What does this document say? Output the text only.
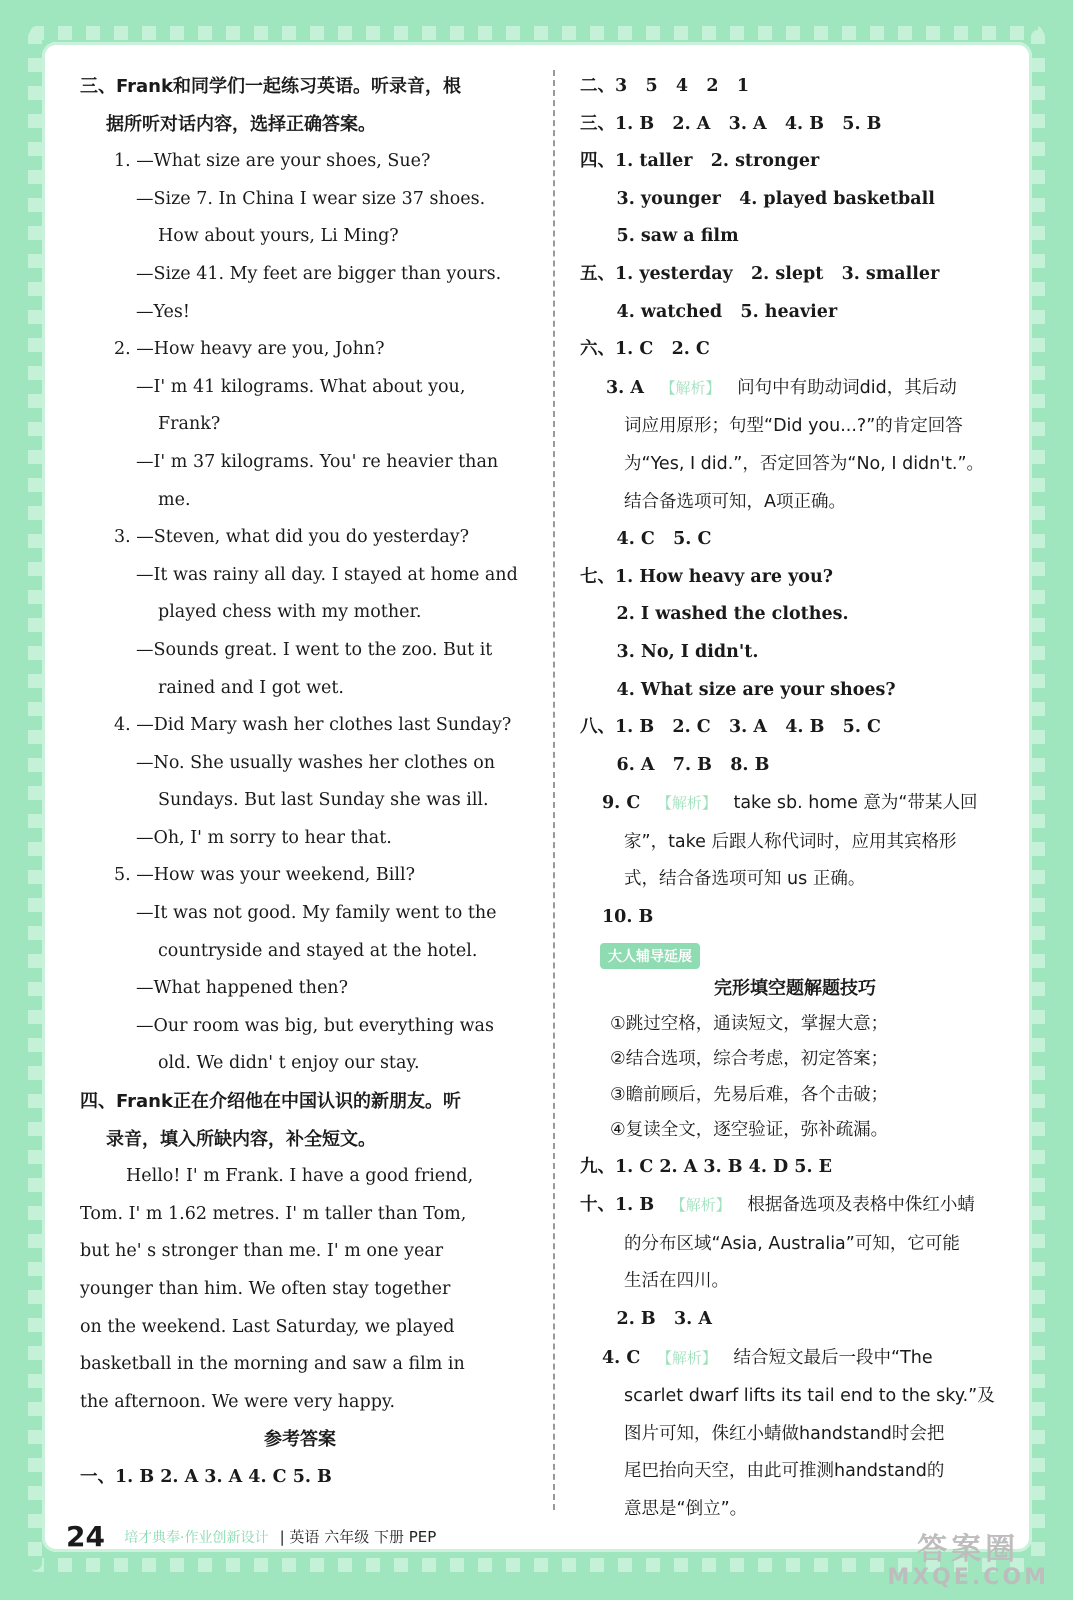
三、Frank和同学们一起练习英语。听录音，根
据所听对话内容，选择正确答案。
1. —What size are your shoes, Sue?
—Size 7. In China I wear size 37 shoes.
How about yours, Li Ming?
—Size 41. My feet are bigger than yours.
—Yes!
2. —How heavy are you, John?
—I' m 41 kilograms. What about you,
Frank?
—I' m 37 kilograms. You' re heavier than
me.
3. —Steven, what did you do yesterday?
—It was rainy all day. I stayed at home and
played chess with my mother.
—Sounds great. I went to the zoo. But it
rained and I got wet.
4. —Did Mary wash her clothes last Sunday?
—No. She usually washes her clothes on
Sundays. But last Sunday she was ill.
—Oh, I' m sorry to hear that.
5. —How was your weekend, Bill?
—It was not good. My family went to the
countryside and stayed at the hotel.
—What happened then?
—Our room was big, but everything was
old. We didn' t enjoy our stay.
四、Frank正在介绍他在中国认识的新朋友。听
录音，填入所缺内容，补全短文。
Hello! I' m Frank. I have a good friend,
Tom. I' m 1.62 metres. I' m taller than Tom,
but he' s stronger than me. I' m one year
younger than him. We often stay together
on the weekend. Last Saturday, we played
basketball in the morning and saw a film in
the afternoon. We were very happy.
参考答案
一、1. B 2. A 3. A 4. C 5. B
二、3   5   4   2   1
三、1. B   2. A   3. A   4. B   5. B
四、1. taller   2. stronger
3. younger   4. played basketball
5. saw a film
五、1. yesterday   2. slept   3. smaller
4. watched   5. heavier
六、1. C   2. C
3. A 【解析】 问句中有助动词did，其后动
词应用原形；句型“Did you...?”的肯定回答
为“Yes, I did.”，否定回答为“No, I didn't.”。
结合备选项可知，A项正确。
4. C   5. C
七、1. How heavy are you?
2. I washed the clothes.
3. No, I didn't.
4. What size are your shoes?
八、1. B   2. C   3. A   4. B   5. C
6. A   7. B   8. B
9. C 【解析】 take sb. home 意为“带某人回
家”，take 后跟人称代词时，应用其宾格形
式，结合备选项可知 us 正确。
10. B
大人辅导延展
完形填空题解题技巧
①跳过空格，通读短文，掌握大意；
②结合选项，综合考虑，初定答案；
③瞻前顾后，先易后难，各个击破；
④复读全文，逐空验证，弥补疏漏。
九、1. C 2. A 3. B 4. D 5. E
十、1. B 【解析】 根据备选项及表格中侏红小蜻
的分布区域“Asia, Australia”可知，它可能
生活在四川。
2. B   3. A
4. C 【解析】 结合短文最后一段中“The
scarlet dwarf lifts its tail end to the sky.”及
图片可知，侏红小蜻做handstand时会把
尾巴抬向天空，由此可推测handstand的
意思是“倒立”。
24 培才典奉·作业创新设计 | 英语 六年级 下册 PEP	答案圈
MXQE.COM
